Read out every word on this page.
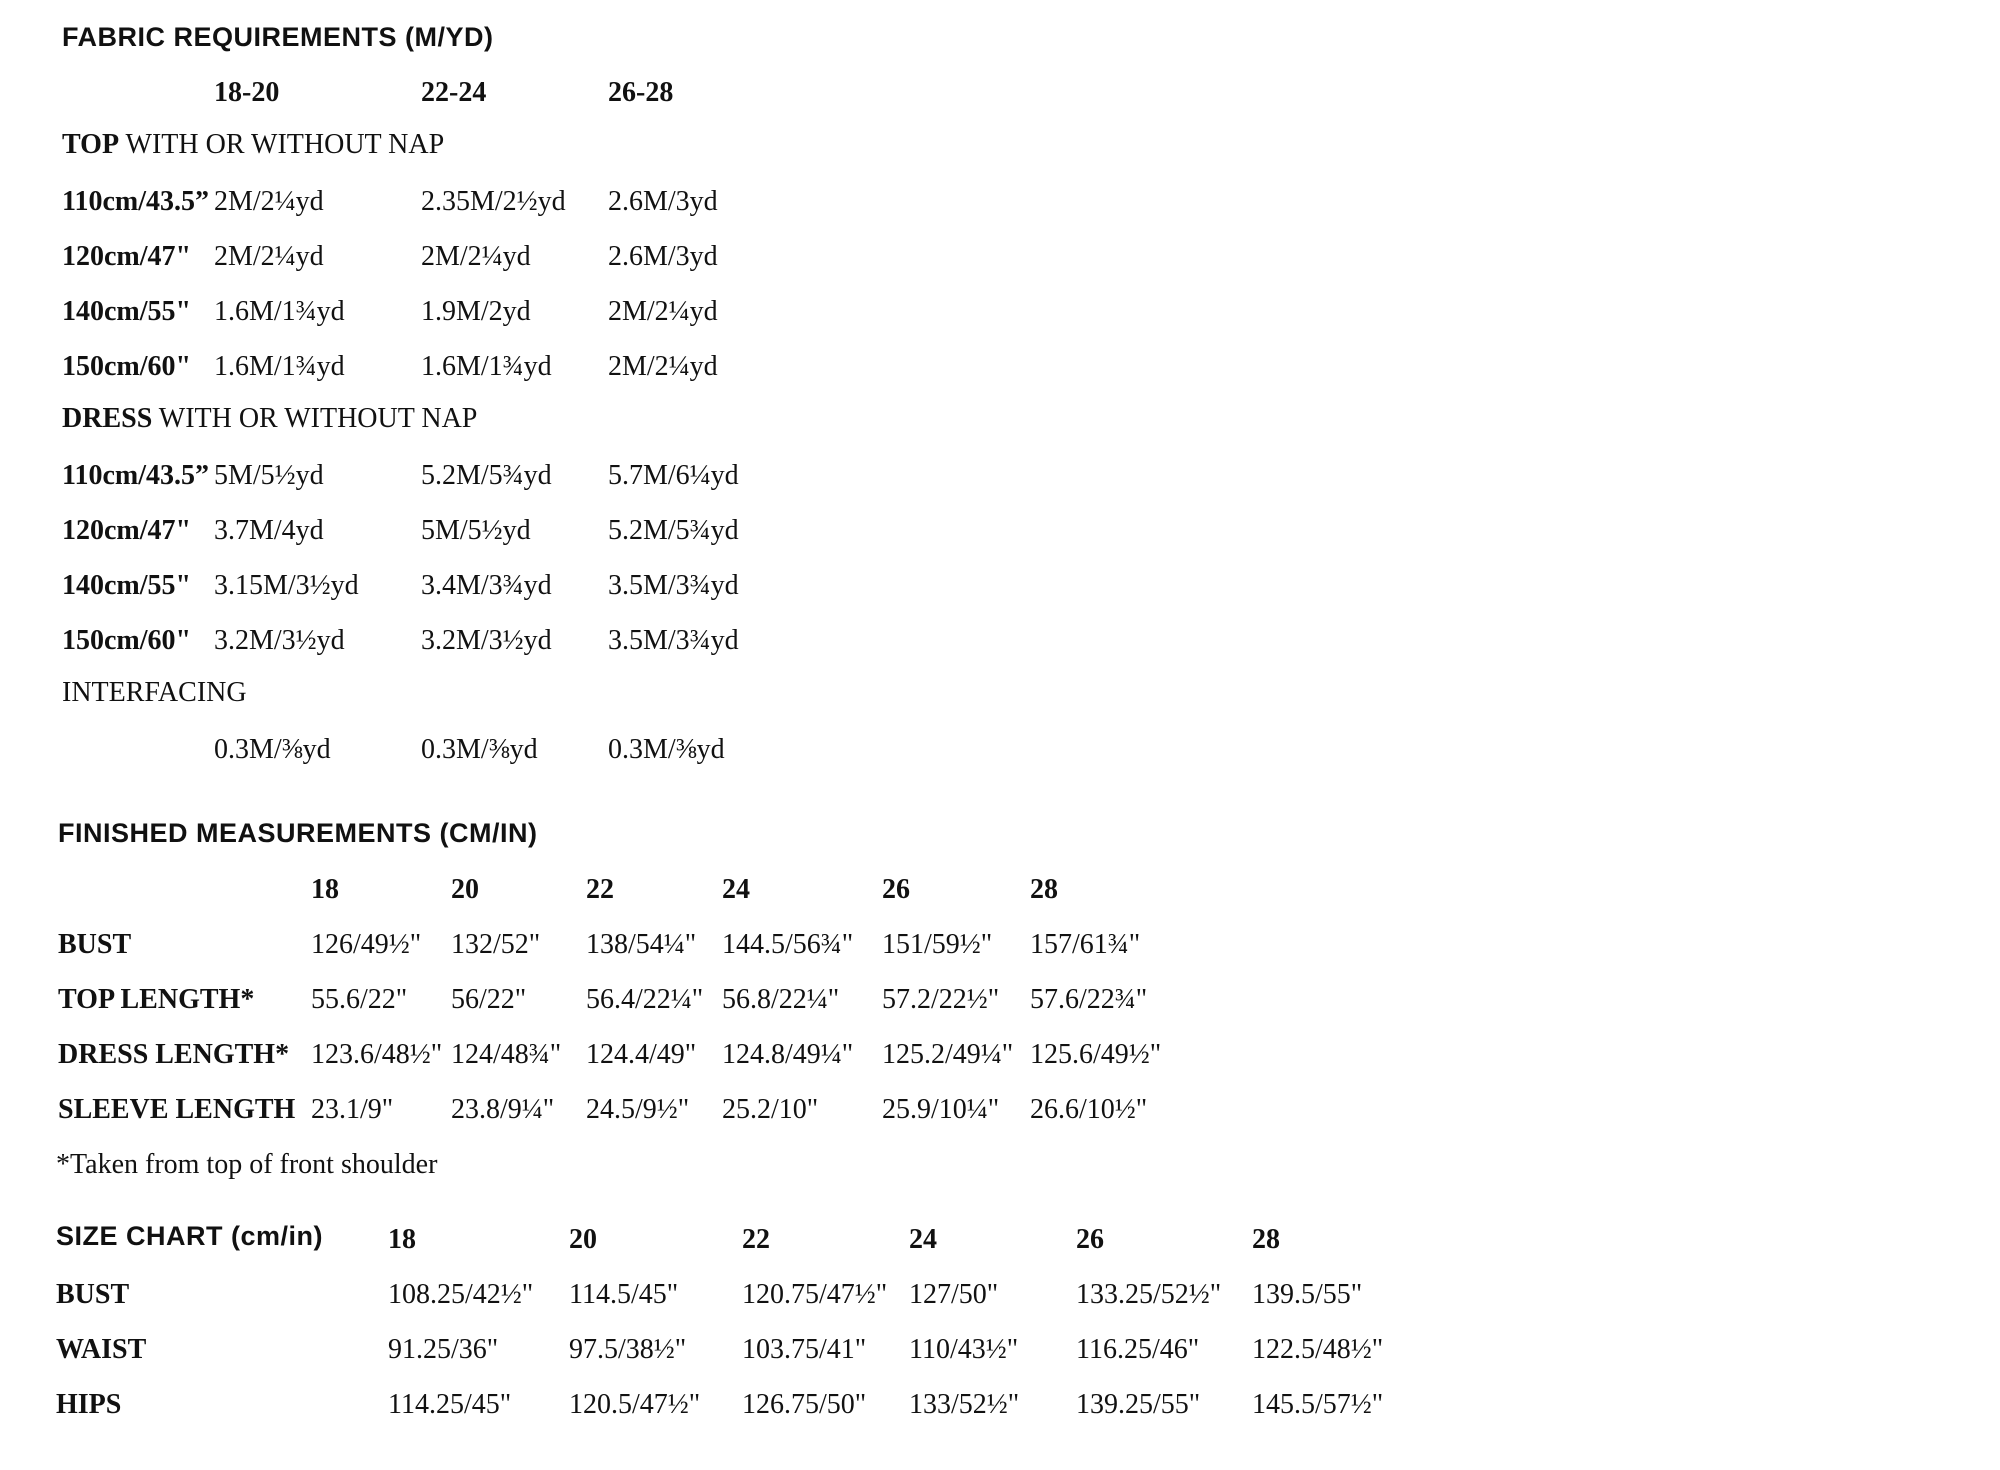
FABRIC REQUIREMENTS (M/YD)
18-20	22-24	26-28
TOP WITH OR WITHOUT NAP
110cm/43.5” 2M/2¼yd	2.35M/2½yd 2.6M/3yd
120cm/47" 2M/2¼yd	2M/2¼yd	2.6M/3yd
140cm/55" 1.6M/1¾yd	1.9M/2yd	2M/2¼yd
150cm/60" 1.6M/1¾yd	1.6M/1¾yd 2M/2¼yd
DRESS WITH OR WITHOUT NAP
110cm/43.5” 5M/5½yd	5.2M/5¾yd 5.7M/6¼yd
120cm/47" 3.7M/4yd	5M/5½yd	5.2M/5¾yd
140cm/55" 3.15M/3½yd 3.4M/3¾yd 3.5M/3¾yd
150cm/60" 3.2M/3½yd	3.2M/3½yd 3.5M/3¾yd
INTERFACING
0.3M/⅜yd	0.3M/⅜yd	0.3M/⅜yd
FINISHED MEASUREMENTS (CM/IN)
18	20	22	24	26	28
BUST	126/49½" 132/52" 138/54¼" 144.5/56¾" 151/59½" 157/61¾"
TOP LENGTH* 55.6/22" 56/22" 56.4/22¼" 56.8/22¼" 57.2/22½" 57.6/22¾"
DRESS LENGTH* 123.6/48½" 124/48¾" 124.4/49" 124.8/49¼" 125.2/49¼" 125.6/49½"
SLEEVE LENGTH 23.1/9" 23.8/9¼" 24.5/9½" 25.2/10" 25.9/10¼" 26.6/10½"
*Taken from top of front shoulder
SIZE CHART (cm/in) 18	20	22	24	26	28
BUST	108.25/42½" 114.5/45" 120.75/47½" 127/50"	133.25/52½" 139.5/55"
WAIST	91.25/36"	97.5/38½" 103.75/41" 110/43½" 116.25/46" 122.5/48½"
HIPS	114.25/45" 120.5/47½" 126.75/50" 133/52½" 139.25/55" 145.5/57½"
